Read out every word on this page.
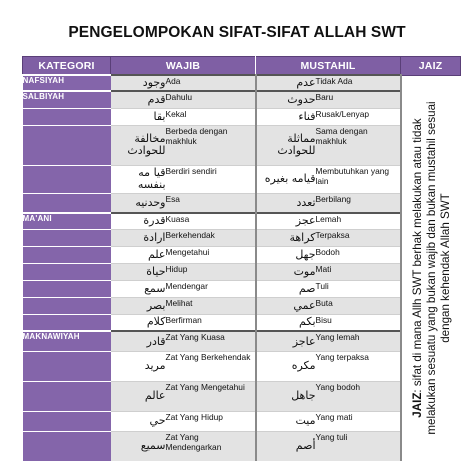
PENGELOMPOKAN SIFAT-SIFAT ALLAH SWT
KATEGORI	WAJIB		MUSTAHIL		JAIZ
NAFSIYAH	وجود	Ada	عدم	Tidak Ada	JAIZ: sifat di mana Allh SWT berhak melakukan atau tidak melakukan sesuatu yang bukan wajib dan bukan mustahil sesuai dengan kehendak Allah SWT

SALBIYAH	قدم	Dahulu	حدوث	Baru	
	بقا	Kekal	فناء	Rusak/Lenyap	
	مخالفة للحوادث	Berbeda dengan makhluk	مماثلة للحوادث	Sama dengan makhluk	
	قيا مه بنفسه	Berdiri sendiri	قيامه بغيره	Membutuhkan yang lain	
	وحدنيه	Esa	تعدد	Berbilang	
MA'ANI	قدرة	Kuasa	عجز	Lemah	
	ارادة	Berkehendak	كراهة	Terpaksa	
	علم	Mengetahui	جهل	Bodoh	
	حياة	Hidup	موت	Mati	
	سمع	Mendengar	صم	Tuli	
	بصر	Melihat	عمي	Buta	
	كلام	Berfirman	بكم	Bisu	
MAKNAWIYAH	قادر	Zat Yang Kuasa	عاجز	Yang lemah	
	مريد	Zat Yang Berkehendak	مكره	Yang terpaksa	
	عالم	Zat Yang Mengetahui	جاهل	Yang bodoh	
	حي	Zat Yang Hidup	ميت	Yang mati	
	سميع	Zat Yang Mendengarkan	أصم	Yang tuli	
